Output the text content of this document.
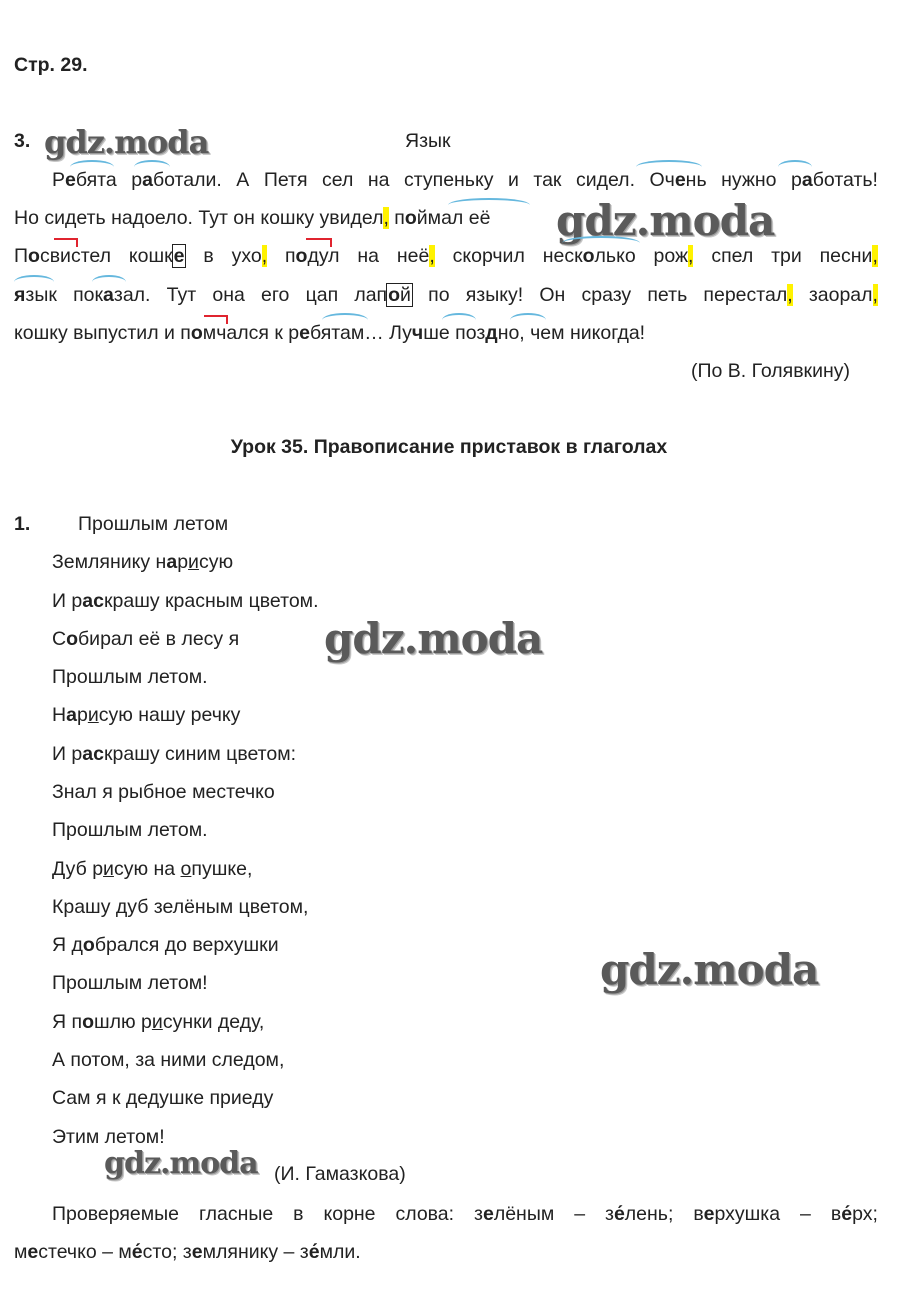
Стр. 29.
3.	Язык
gdz.moda
Ребята работали. А Петя сел на ступеньку и так сидел. Очень нужно работать!
Но сидеть надоело. Тут он кошку увидел, поймал её	gdz.moda
Посвистел кошке в ухо, подул на неё, скорчил несколько рож, спел три песни,
язык показал. Тут она его цап лапой по языку! Он сразу петь перестал, заорал,
кошку выпустил и помчался к ребятам… Лучше поздно, чем никогда!
(По В. Голявкину)
Урок 35. Правописание приставок в глаголах
1. Прошлым летом
Землянику нарисую
И раскрашу красным цветом.
Собирал её в лесу я
Прошлым летом.
Нарисую нашу речку
И раскрашу синим цветом:
Знал я рыбное местечко
Прошлым летом.
Дуб рисую на опушке,
Крашу дуб зелёным цветом,
Я добрался до верхушки
Прошлым летом!
Я пошлю рисунки деду,
А потом, за ними следом,
Сам я к дедушке приеду
Этим летом!
gdz.moda
gdz.moda
gdz.moda (И. Гамазкова)
Проверяемые гласные в корне слова: зелёным – зе́лень; верхушка – ве́рх;
местечко – ме́сто; землянику – зе́мли.
